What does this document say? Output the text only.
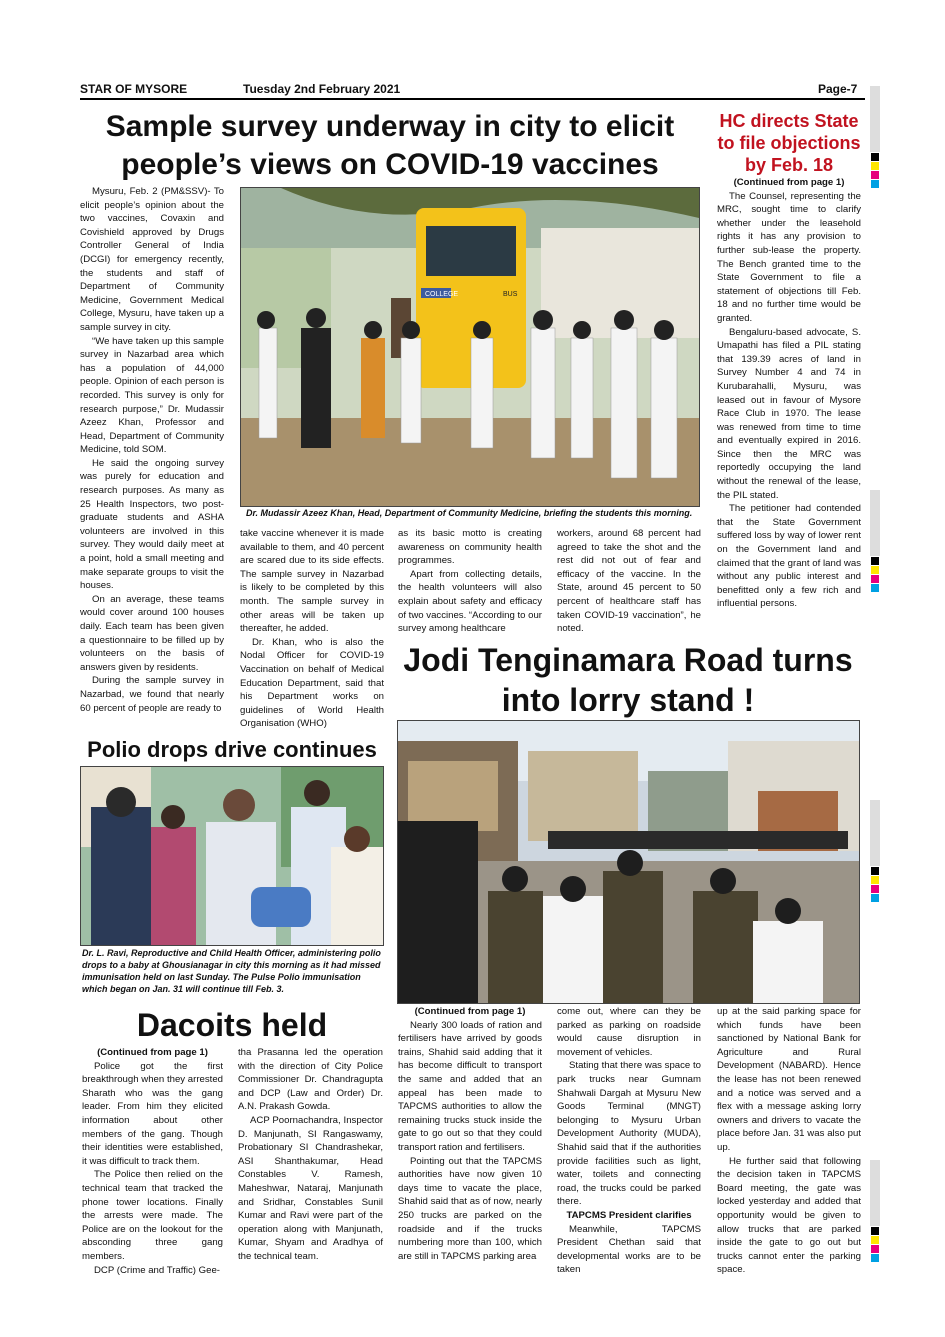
STAR OF MYSORE	Tuesday 2nd February 2021	Page-7
Sample survey underway in city to elicit people’s views on COVID-19 vaccines

Mysuru, Feb. 2 (PM&SSV)- To elicit people’s opinion about the two vaccines, Covaxin and Covishield approved by Drugs Controller General of India (DCGI) for emergency recently, the students and staff of Department of Community Medicine, Government Medical College, Mysuru, have taken up a sample survey in city.

“We have taken up this sample survey in Nazarbad area which has a population of 44,000 people. Opinion of each person is recorded. This survey is only for research purpose,” Dr. Mudassir Azeez Khan, Professor and Head, Department of Community Medicine, told SOM.

He said the ongoing survey was purely for education and research purposes. As many as 25 Health Inspectors, two post-graduate students and ASHA volunteers are involved in this survey. They would daily meet at a point, hold a small meeting and make separate groups to visit the houses.

On an average, these teams would cover around 100 houses daily. Each team has been given a questionnaire to be filled up by volunteers on the basis of answers given by residents.

During the sample survey in Nazarbad, we found that nearly 60 percent of people are ready to

COLLEGE	BUS
Dr. Mudassir Azeez Khan, Head, Department of Community Medicine, briefing the students this morning.

take vaccine whenever it is made available to them, and 40 percent are scared due to its side effects. The sample survey in Nazarbad is likely to be completed by this month. The sample survey in other areas will be taken up thereafter, he added.

Dr. Khan, who is also the Nodal Officer for COVID-19 Vaccination on behalf of Medical Education Department, said that his Department works on guidelines of World Health Organisation (WHO)

as its basic motto is creating awareness on community health programmes.

Apart from collecting details, the health volunteers will also explain about safety and efficacy of two vaccines. “According to our survey among healthcare

workers, around 68 percent had agreed to take the shot and the rest did not out of fear and efficacy of the vaccine. In the State, around 45 percent to 50 percent of healthcare staff has taken COVID-19 vaccination”, he noted.

HC directs State to file objections by Feb. 18

(Continued from page 1)

The Counsel, representing the MRC, sought time to clarify whether under the leasehold rights it has any provision to further sub-lease the property. The Bench granted time to the State Government to file a statement of objections till Feb. 18 and no further time would be granted.

Bengaluru-based advocate, S. Umapathi has filed a PIL stating that 139.39 acres of land in Survey Number 4 and 74 in Kurubarahalli, Mysuru, was leased out in favour of Mysore Race Club in 1970. The lease was renewed from time to time and eventually expired in 2016. Since then the MRC was reportedly occupying the land without the renewal of the lease, the PIL stated.

The petitioner had contended that the State Government suffered loss by way of lower rent on the Government land and claimed that the grant of land was without any public interest and benefitted only a few rich and influential persons.

Jodi Tenginamara Road turns into lorry stand !

(Continued from page 1)

Nearly 300 loads of ration and fertilisers have arrived by goods trains, Shahid said adding that it has become difficult to transport the same and added that an appeal has been made to TAPCMS authorities to allow the remaining trucks stuck inside the gate to go out so that they could transport ration and fertilisers.

Pointing out that the TAPCMS authorities have now given 10 days time to vacate the place, Shahid said that as of now, nearly 250 trucks are parked on the roadside and if the trucks numbering more than 100, which are still in TAPCMS parking area

come out, where can they be parked as parking on roadside would cause disruption in movement of vehicles.

Stating that there was space to park trucks near Gumnam Shahwali Dargah at Mysuru New Goods Terminal (MNGT) belonging to Mysuru Urban Development Authority (MUDA), Shahid said that if the authorities provide facilities such as light, water, toilets and connecting road, the trucks could be parked there.

TAPCMS President clarifies

Meanwhile, TAPCMS President Chethan said that developmental works are to be taken

up at the said parking space for which funds have been sanctioned by National Bank for Agriculture and Rural Development (NABARD). Hence the lease has not been renewed and a notice was served and a flex with a message asking lorry owners and drivers to vacate the place before Jan. 31 was also put up.

He further said that following the decision taken in TAPCMS Board meeting, the gate was locked yesterday and added that opportunity would be given to allow trucks that are parked inside the gate to go out but trucks cannot enter the parking space.

Polio drops drive continues
Dr. L. Ravi, Reproductive and Child Health Officer, administering polio drops to a baby at Ghousianagar in city this morning as it had missed immunisation held on last Sunday. The Pulse Polio immunisation which began on Jan. 31 will continue till Feb. 3.
Dacoits held

(Continued from page 1)

Police got the first breakthrough when they arrested Sharath who was the gang leader. From him they elicited information about other members of the gang. Though their identities were established, it was difficult to track them.

The Police then relied on the technical team that tracked the phone tower locations. Finally the arrests were made. The Police are on the lookout for the absconding three gang members.

DCP (Crime and Traffic) Gee-

tha Prasanna led the operation with the direction of City Police Commissioner Dr. Chandragupta and DCP (Law and Order) Dr. A.N. Prakash Gowda.

ACP Poornachandra, Inspector D. Manjunath, SI Rangaswamy, Probationary SI Chandrashekar, ASI Shanthakumar, Head Constables V. Ramesh, Maheshwar, Nataraj, Manjunath and Sridhar, Constables Sunil Kumar and Ravi were part of the operation along with Manjunath, Kumar, Shyam and Aradhya of the technical team.
